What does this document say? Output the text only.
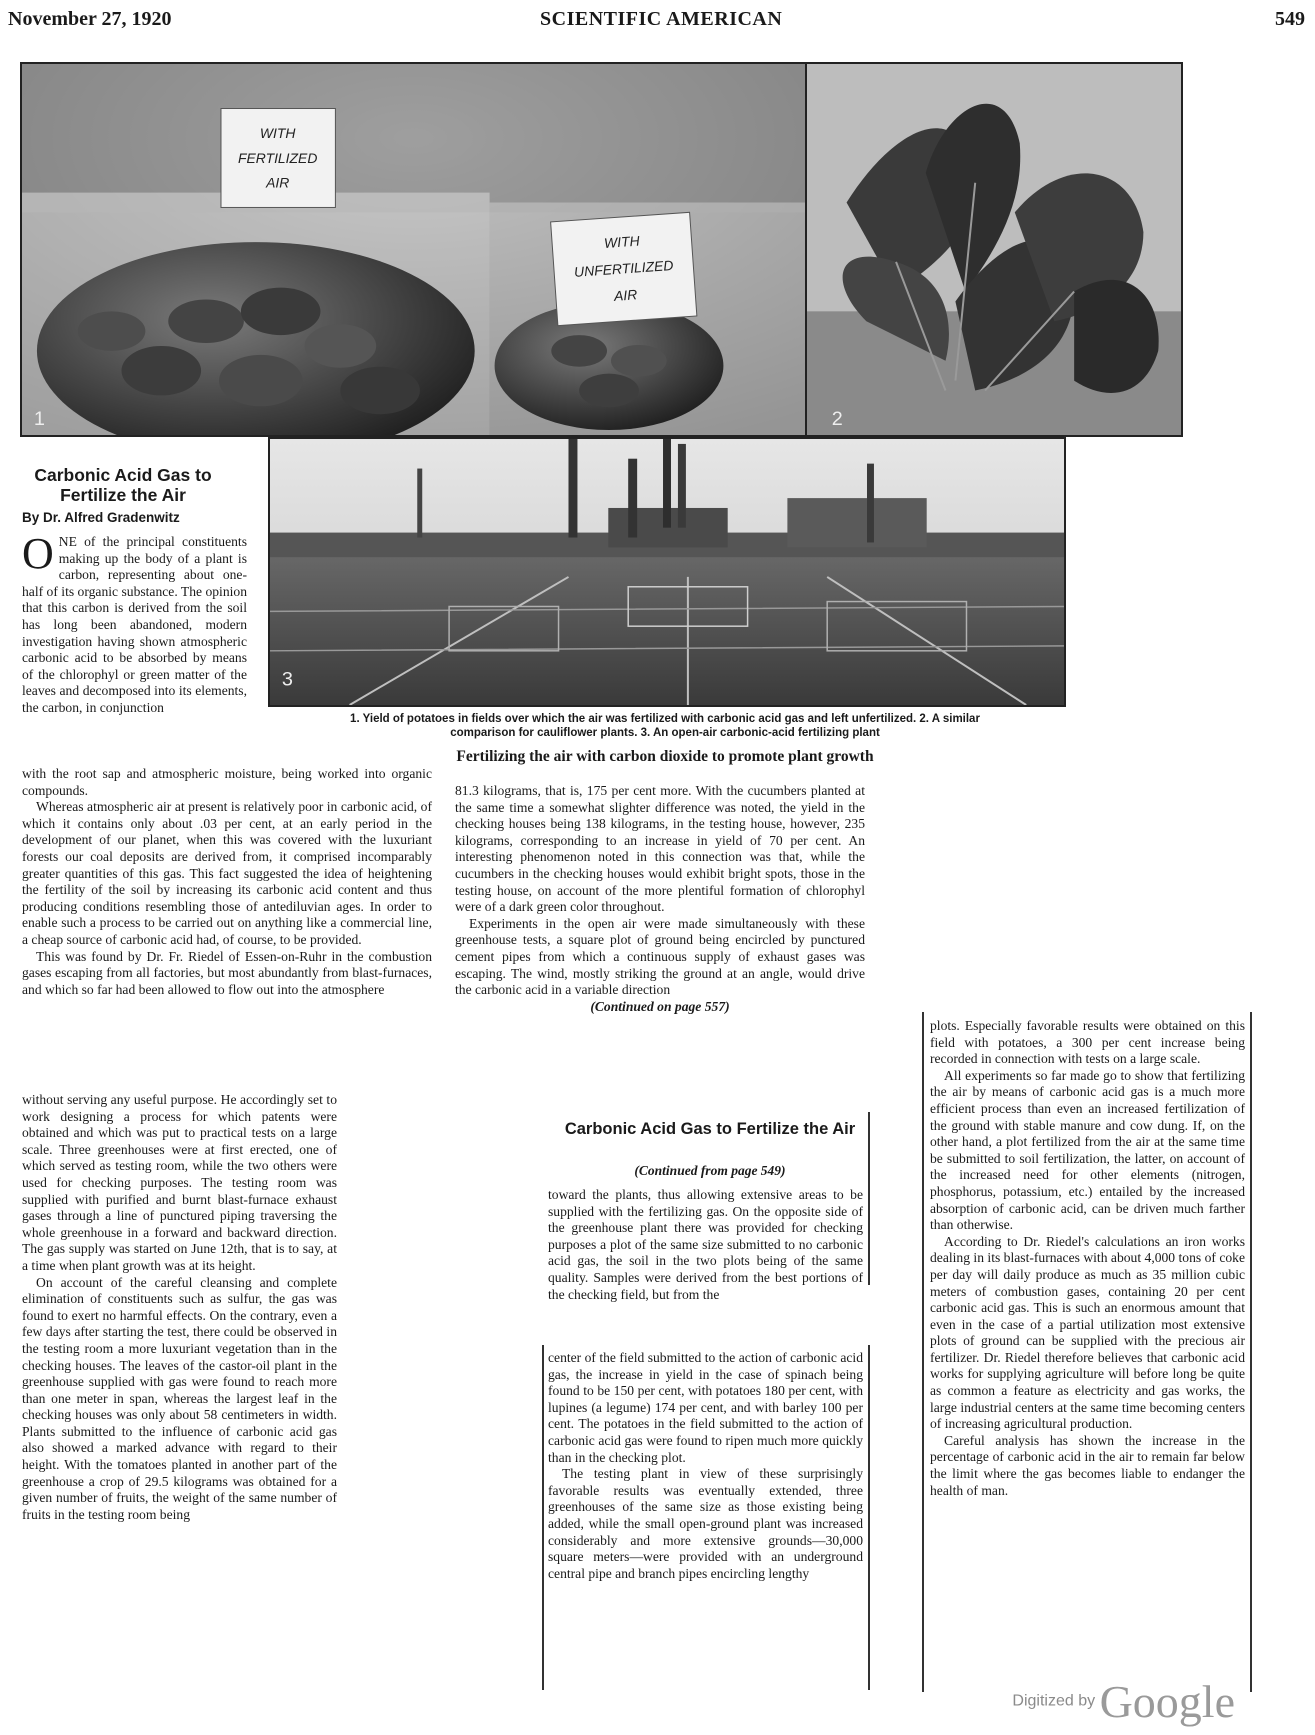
November 27, 1920	SCIENTIFIC AMERICAN	549
WITH
FERTILIZED
AIR
WITH
UNFERTILIZED
AIR
1	2
3
1. Yield of potatoes in fields over which the air was fertilized with carbonic acid gas and left unfertilized. 2. A similar
comparison for cauliflower plants. 3. An open-air carbonic-acid fertilizing plant
Fertilizing the air with carbon dioxide to promote plant growth
Carbonic Acid Gas to Fertilize the Air
By Dr. Alfred Gradenwitz

ONE of the principal constituents making up the body of a plant is carbon, representing about one-half of its organic substance. The opinion that this carbon is derived from the soil has long been abandoned, modern investigation having shown atmospheric carbonic acid to be absorbed by means of the chlorophyl or green matter of the leaves and decomposed into its elements, the carbon, in conjunction

with the root sap and atmospheric moisture, being worked into organic compounds.

Whereas atmospheric air at present is relatively poor in carbonic acid, of which it contains only about .03 per cent, at an early period in the development of our planet, when this was covered with the luxuriant forests our coal deposits are derived from, it comprised incomparably greater quantities of this gas. This fact suggested the idea of heightening the fertility of the soil by increasing its carbonic acid content and thus producing conditions resembling those of antediluvian ages. In order to enable such a process to be carried out on anything like a commercial line, a cheap source of carbonic acid had, of course, to be provided.

This was found by Dr. Fr. Riedel of Essen-on-Ruhr in the combustion gases escaping from all factories, but most abundantly from blast-furnaces, and which so far had been allowed to flow out into the atmosphere

without serving any useful purpose. He accordingly set to work designing a process for which patents were obtained and which was put to practical tests on a large scale. Three greenhouses were at first erected, one of which served as testing room, while the two others were used for checking purposes. The testing room was supplied with purified and burnt blast-furnace exhaust gases through a line of punctured piping traversing the whole greenhouse in a forward and backward direction. The gas supply was started on June 12th, that is to say, at a time when plant growth was at its height.

On account of the careful cleansing and complete elimination of constituents such as sulfur, the gas was found to exert no harmful effects. On the contrary, even a few days after starting the test, there could be observed in the testing room a more luxuriant vegetation than in the checking houses. The leaves of the castor-oil plant in the greenhouse supplied with gas were found to reach more than one meter in span, whereas the largest leaf in the checking houses was only about 58 centimeters in width. Plants submitted to the influence of carbonic acid gas also showed a marked advance with regard to their height. With the tomatoes planted in another part of the greenhouse a crop of 29.5 kilograms was obtained for a given number of fruits, the weight of the same number of fruits in the testing room being

81.3 kilograms, that is, 175 per cent more. With the cucumbers planted at the same time a somewhat slighter difference was noted, the yield in the checking houses being 138 kilograms, in the testing house, however, 235 kilograms, corresponding to an increase in yield of 70 per cent. An interesting phenomenon noted in this connection was that, while the cucumbers in the checking houses would exhibit bright spots, those in the testing house, on account of the more plentiful formation of chlorophyl were of a dark green color throughout.

Experiments in the open air were made simultaneously with these greenhouse tests, a square plot of ground being encircled by punctured cement pipes from which a continuous supply of exhaust gases was escaping. The wind, mostly striking the ground at an angle, would drive the carbonic acid in a variable direction

(Continued on page 557)
Carbonic Acid Gas to Fertilize the Air
(Continued from page 549)

toward the plants, thus allowing extensive areas to be supplied with the fertilizing gas. On the opposite side of the greenhouse plant there was provided for checking purposes a plot of the same size submitted to no carbonic acid gas, the soil in the two plots being of the same quality. Samples were derived from the best portions of the checking field, but from the

center of the field submitted to the action of carbonic acid gas, the increase in yield in the case of spinach being found to be 150 per cent, with potatoes 180 per cent, with lupines (a legume) 174 per cent, and with barley 100 per cent. The potatoes in the field submitted to the action of carbonic acid gas were found to ripen much more quickly than in the checking plot.

The testing plant in view of these surprisingly favorable results was eventually extended, three greenhouses of the same size as those existing being added, while the small open-ground plant was increased considerably and more extensive grounds—30,000 square meters—were provided with an underground central pipe and branch pipes encircling lengthy

plots. Especially favorable results were obtained on this field with potatoes, a 300 per cent increase being recorded in connection with tests on a large scale.

All experiments so far made go to show that fertilizing the air by means of carbonic acid gas is a much more efficient process than even an increased fertilization of the ground with stable manure and cow dung. If, on the other hand, a plot fertilized from the air at the same time be submitted to soil fertilization, the latter, on account of the increased need for other elements (nitrogen, phosphorus, potassium, etc.) entailed by the increased absorption of carbonic acid, can be driven much farther than otherwise.

According to Dr. Riedel's calculations an iron works dealing in its blast-furnaces with about 4,000 tons of coke per day will daily produce as much as 35 million cubic meters of combustion gases, containing 20 per cent carbonic acid gas. This is such an enormous amount that even in the case of a partial utilization most extensive plots of ground can be supplied with the precious air fertilizer. Dr. Riedel therefore believes that carbonic acid works for supplying agriculture will before long be quite as common a feature as electricity and gas works, the large industrial centers at the same time becoming centers of increasing agricultural production.

Careful analysis has shown the increase in the percentage of carbonic acid in the air to remain far below the limit where the gas becomes liable to endanger the health of man.

Digitized by Google
